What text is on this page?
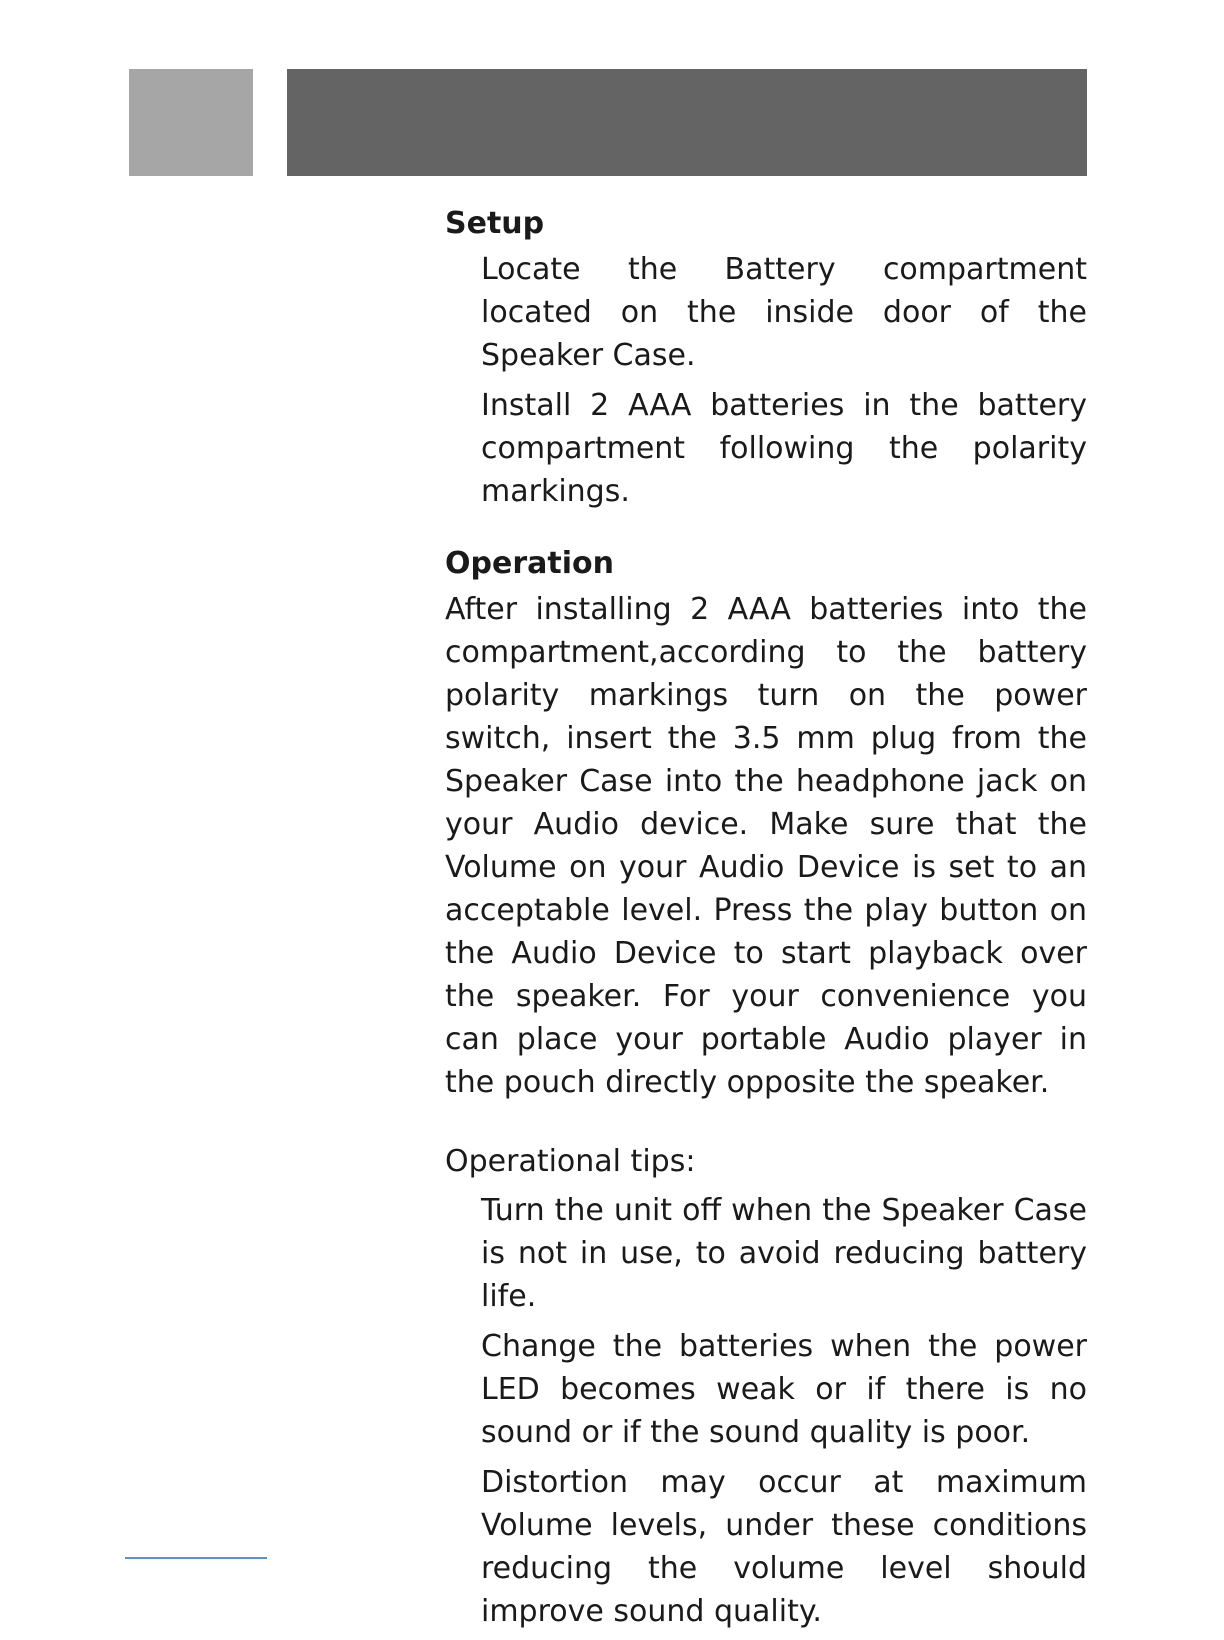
Setup

Locate the Battery compartment located on the inside door of the Speaker Case.

Install 2 AAA batteries in the battery compartment following the polarity markings.

Operation

After installing 2 AAA batteries into the compartment,according to the battery polarity markings turn on the power switch, insert the 3.5 mm plug from the Speaker Case into the headphone jack on your Audio device. Make sure that the Volume on your Audio Device is set to an acceptable level. Press the play button on the Audio Device to start playback over the speaker. For your convenience you can place your portable Audio player in the pouch directly opposite the speaker.

Operational tips:

Turn the unit off when the Speaker Case is not in use, to avoid reducing battery life.

Change the batteries when the power LED becomes weak or if there is no sound or if the sound quality is poor.

Distortion may occur at maximum Volume levels, under these conditions reducing the volume level should improve sound quality.
